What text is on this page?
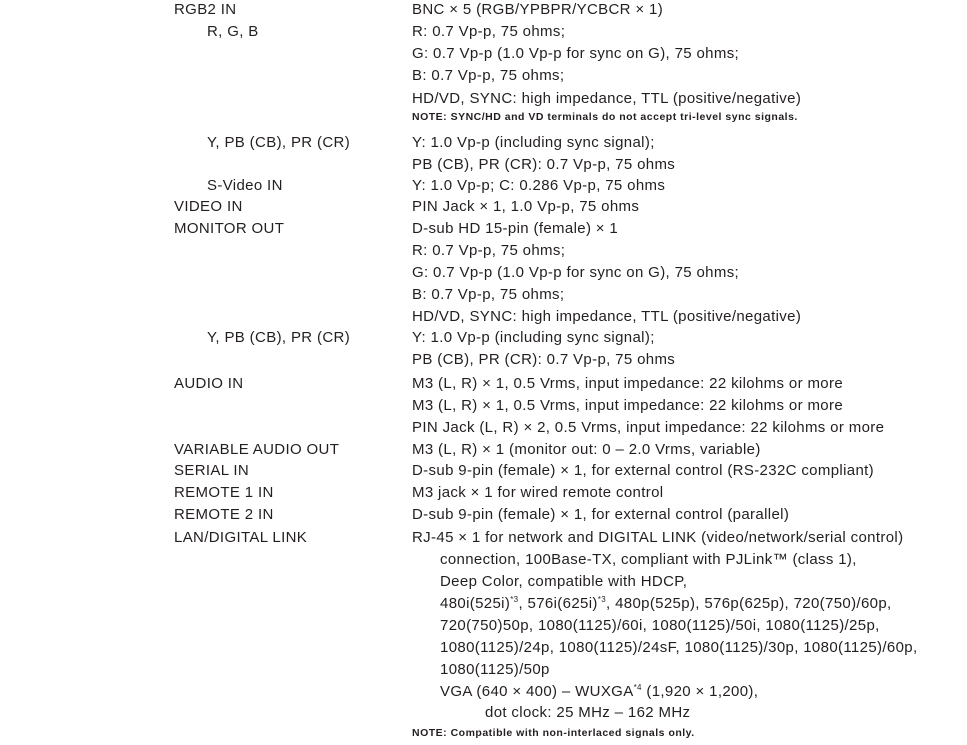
RGB2 IN	BNC × 5 (RGB/YPBPR/YCBCR × 1)
R, G, B	R: 0.7 Vp-p, 75 ohms;
G: 0.7 Vp-p (1.0 Vp-p for sync on G), 75 ohms;
B: 0.7 Vp-p, 75 ohms;
HD/VD, SYNC: high impedance, TTL (positive/negative)
NOTE: SYNC/HD and VD terminals do not accept tri-level sync signals.
Y, PB (CB), PR (CR)	Y: 1.0 Vp-p (including sync signal);
PB (CB), PR (CR): 0.7 Vp-p, 75 ohms
S-Video IN	Y: 1.0 Vp-p; C: 0.286 Vp-p, 75 ohms
VIDEO IN	PIN Jack × 1, 1.0 Vp-p, 75 ohms
MONITOR OUT	D-sub HD 15-pin (female) × 1
R: 0.7 Vp-p, 75 ohms;
G: 0.7 Vp-p (1.0 Vp-p for sync on G), 75 ohms;
B: 0.7 Vp-p, 75 ohms;
HD/VD, SYNC: high impedance, TTL (positive/negative)
Y, PB (CB), PR (CR)	Y: 1.0 Vp-p (including sync signal);
PB (CB), PR (CR): 0.7 Vp-p, 75 ohms
AUDIO IN	M3 (L, R) × 1, 0.5 Vrms, input impedance: 22 kilohms or more
M3 (L, R) × 1, 0.5 Vrms, input impedance: 22 kilohms or more
PIN Jack (L, R) × 2, 0.5 Vrms, input impedance: 22 kilohms or more
VARIABLE AUDIO OUT	M3 (L, R) × 1 (monitor out: 0 – 2.0 Vrms, variable)
SERIAL IN	D-sub 9-pin (female) × 1, for external control (RS-232C compliant)
REMOTE 1 IN	M3 jack × 1 for wired remote control
REMOTE 2 IN	D-sub 9-pin (female) × 1, for external control (parallel)
LAN/DIGITAL LINK	RJ-45 × 1 for network and DIGITAL LINK (video/network/serial control)
connection, 100Base-TX, compliant with PJLink™ (class 1),
Deep Color, compatible with HDCP,
$480i(525i)^{*3}$, $576i(625i)^{*3}$, 480p(525p), 576p(625p), 720(750)/60p,
720(750)50p, 1080(1125)/60i, 1080(1125)/50i, 1080(1125)/25p,
1080(1125)/24p, 1080(1125)/24sF, 1080(1125)/30p, 1080(1125)/60p,
1080(1125)/50p
VGA (640 × 400) – WUXGA$^{*4}$ (1,920 × 1,200),
dot clock: 25 MHz – 162 MHz
NOTE: Compatible with non-interlaced signals only.
